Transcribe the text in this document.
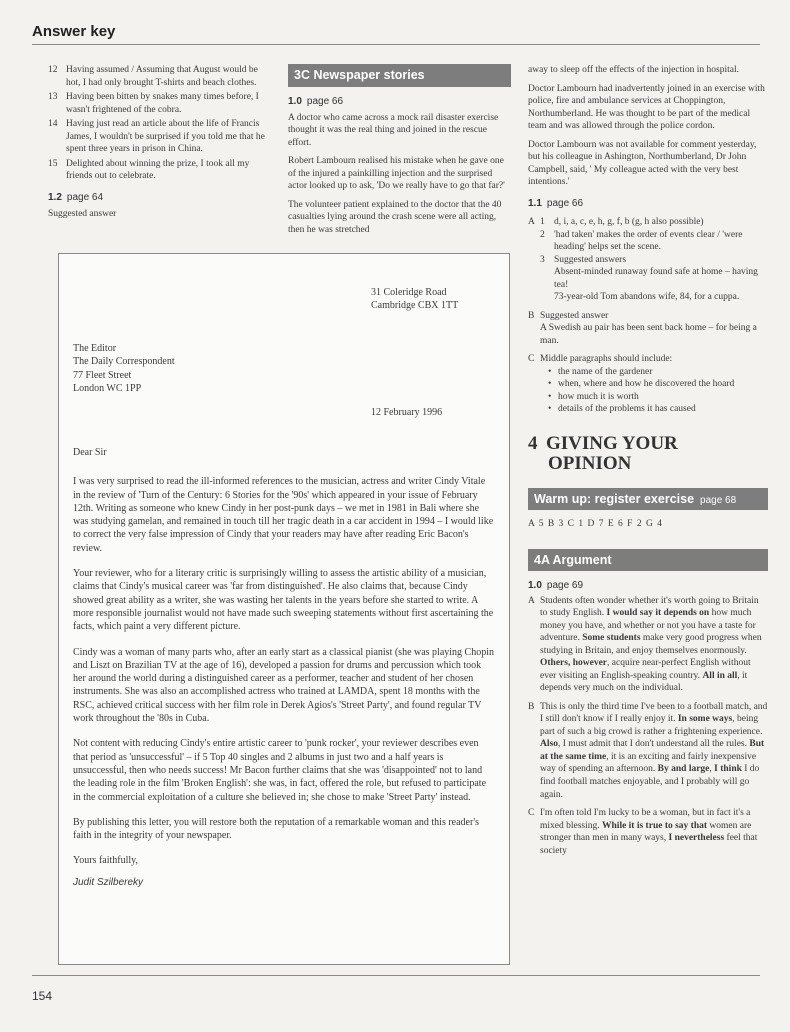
Answer key
12 Having assumed / Assuming that August would be hot, I had only brought T-shirts and beach clothes.
13 Having been bitten by snakes many times before, I wasn't frightened of the cobra.
14 Having just read an article about the life of Francis James, I wouldn't be surprised if you told me that he spent three years in prison in China.
15 Delighted about winning the prize, I took all my friends out to celebrate.
1.2 page 64
Suggested answer
3C Newspaper stories
1.0 page 66

A doctor who came across a mock rail disaster exercise thought it was the real thing and joined in the rescue effort.

Robert Lambourn realised his mistake when he gave one of the injured a painkilling injection and the surprised actor looked up to ask, 'Do we really have to go that far?'

The volunteer patient explained to the doctor that the 40 casualties lying around the crash scene were all acting, then he was stretched

away to sleep off the effects of the injection in hospital.

Doctor Lambourn had inadvertently joined in an exercise with police, fire and ambulance services at Choppington, Northumberland. He was thought to be part of the medical team and was allowed through the police cordon.

Doctor Lambourn was not available for comment yesterday, but his colleague in Ashington, Northumberland, Dr John Campbell, said, ' My colleague acted with the very best intentions.'

1.1 page 66
A 1 d, i, a, c, e, h, g, f, b (g, h also possible)
2 'had taken' makes the order of events clear / 'were heading' helps set the scene.
3 Suggested answers
Absent-minded runaway found safe at home – having tea!
73-year-old Tom abandons wife, 84, for a cuppa.
B Suggested answer
A Swedish au pair has been sent back home – for being a man.
C Middle paragraphs should include:
• the name of the gardener
• when, where and how he discovered the hoard
• how much it is worth
• details of the problems it has caused
4 GIVING YOUR
OPINION
Warm up: register exercise page 68
A 5 B 3 C 1 D 7 E 6 F 2 G 4
4A Argument
1.0 page 69
A Students often wonder whether it's worth going to Britain to study English. I would say it depends on how much money you have, and whether or not you have a taste for adventure. Some students make very good progress when studying in Britain, and enjoy themselves enormously. Others, however, acquire near-perfect English without ever visiting an English-speaking country. All in all, it depends very much on the individual.
B This is only the third time I've been to a football match, and I still don't know if I really enjoy it. In some ways, being part of such a big crowd is rather a frightening experience. Also, I must admit that I don't understand all the rules. But at the same time, it is an exciting and fairly inexpensive way of spending an afternoon. By and large, I think I do find football matches enjoyable, and I probably will go again.
C I'm often told I'm lucky to be a woman, but in fact it's a mixed blessing. While it is true to say that women are stronger than men in many ways, I nevertheless feel that society
31 Coleridge Road
Cambridge CBX 1TT
The Editor
The Daily Correspondent
77 Fleet Street
London WC 1PP
12 February 1996

Dear Sir

I was very surprised to read the ill-informed references to the musician, actress and writer Cindy Vitale in the review of 'Turn of the Century: 6 Stories for the '90s' which appeared in your issue of February 12th. Writing as someone who knew Cindy in her post-punk days – we met in 1981 in Bali where she was studying gamelan, and remained in touch till her tragic death in a car accident in 1994 – I would like to correct the very false impression of Cindy that your readers may have after reading Eric Bacon's review.

Your reviewer, who for a literary critic is surprisingly willing to assess the artistic ability of a musician, claims that Cindy's musical career was 'far from distinguished'. He also claims that, because Cindy showed great ability as a writer, she was wasting her talents in the years before she started to write. A more responsible journalist would not have made such sweeping statements without first ascertaining the facts, which paint a very different picture.

Cindy was a woman of many parts who, after an early start as a classical pianist (she was playing Chopin and Liszt on Brazilian TV at the age of 16), developed a passion for drums and percussion which took her around the world during a distinguished career as a performer, teacher and student of her chosen instruments. She was also an accomplished actress who trained at LAMDA, spent 18 months with the RSC, achieved critical success with her film role in Derek Agios's 'Street Party', and found regular TV work throughout the '80s in Cuba.

Not content with reducing Cindy's entire artistic career to 'punk rocker', your reviewer describes even that period as 'unsuccessful' – if 5 Top 40 singles and 2 albums in just two and a half years is unsuccessful, then who needs success! Mr Bacon further claims that she was 'disappointed' not to land the leading role in the film 'Broken English': she was, in fact, offered the role, but refused to participate in the commercial exploitation of a culture she believed in; she chose to make 'Street Party' instead.

By publishing this letter, you will restore both the reputation of a remarkable woman and this reader's faith in the integrity of your newspaper.

Yours faithfully,

Judit Szilbereky

154
